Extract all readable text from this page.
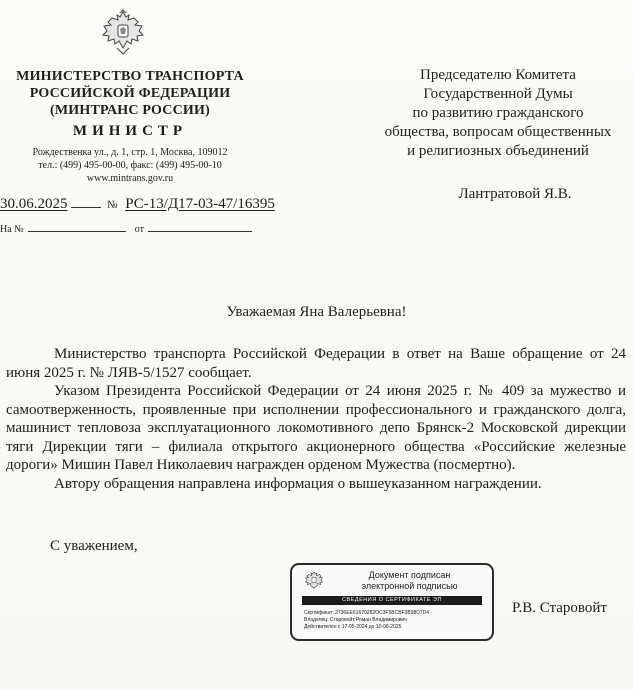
МИНИСТЕРСТВО ТРАНСПОРТА
РОССИЙСКОЙ ФЕДЕРАЦИИ
(МИНТРАНС РОССИИ)
МИНИСТР
Рождественка ул., д. 1, стр. 1, Москва, 109012
тел.: (499) 495-00-00, факс: (499) 495-00-10
www.mintrans.gov.ru
Председателю Комитета
Государственной Думы
по развитию гражданского
общества, вопросам общественных
и религиозных объединений
Лантратовой Я.В.
30.06.2025	№ РС-13/Д17-03-47/16395
На №	от
Уважаемая Яна Валерьевна!

Министерство транспорта Российской Федерации в ответ на Ваше обращение от 24 июня 2025 г. № ЛЯВ-5/1527 сообщает.

Указом Президента Российской Федерации от 24 июня 2025 г. № 409 за мужество и самоотверженность, проявленные при исполнении профессионального и гражданского долга, машинист тепловоза эксплуатационного локомотивного депо Брянск-2 Московской дирекции тяги Дирекции тяги – филиала открытого акционерного общества «Российские железные дороги» Мишин Павел Николаевич награжден орденом Мужества (посмертно).

Автору обращения направлена информация о вышеуказанном награждении.

С уважением,
Документ подписан
электронной подписью
СВЕДЕНИЯ О СЕРТИФИКАТЕ ЭП
Сертификат: 2736EE61670282OC3F5BCBF3B98D7D4
Владелец: Старовойт Роман Владимирович
Действителен с 17-05-2024 до 10-08-2025
Р.В. Старовойт
